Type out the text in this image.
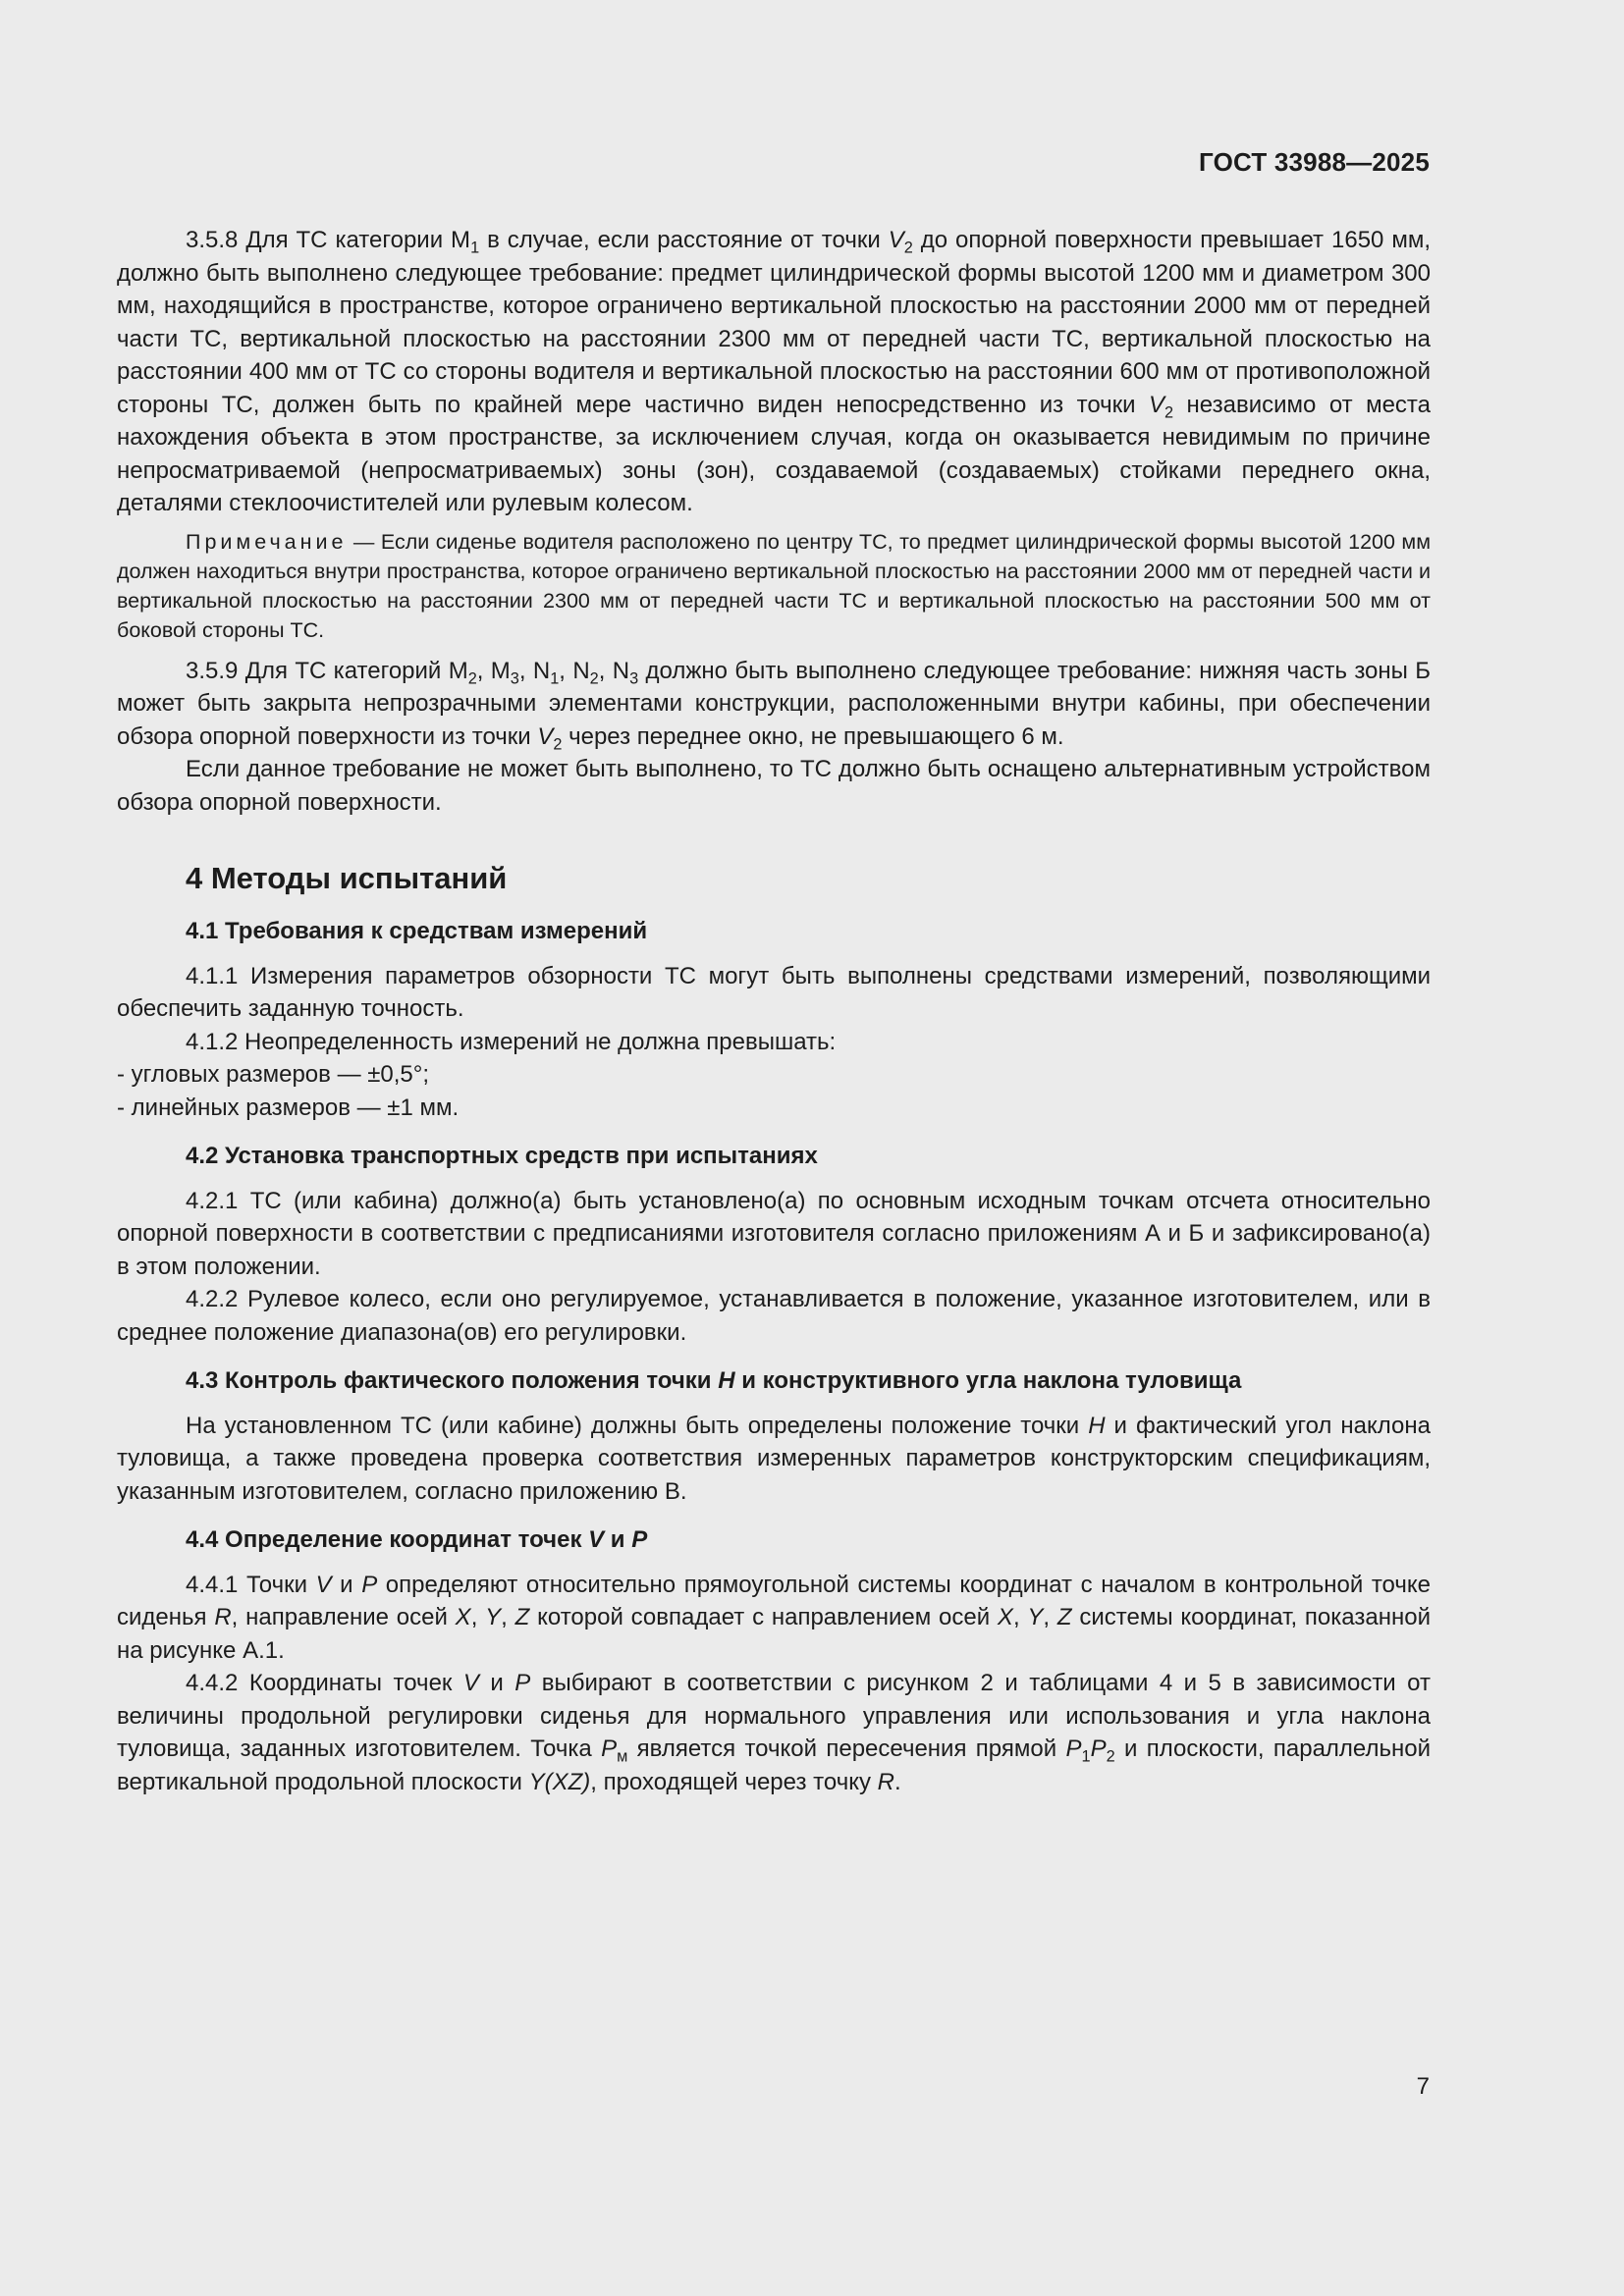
ГОСТ 33988—2025

3.5.8 Для ТС категории $М_1$ в случае, если расстояние от точки $V_2$ до опорной поверхности превышает 1650 мм, должно быть выполнено следующее требование: предмет цилиндрической формы высотой 1200 мм и диаметром 300 мм, находящийся в пространстве, которое ограничено вертикальной плоскостью на расстоянии 2000 мм от передней части ТС, вертикальной плоскостью на расстоянии 2300 мм от передней части ТС, вертикальной плоскостью на расстоянии 400 мм от ТС со стороны водителя и вертикальной плоскостью на расстоянии 600 мм от противоположной стороны ТС, должен быть по крайней мере частично виден непосредственно из точки $V_2$ независимо от места нахождения объекта в этом пространстве, за исключением случая, когда он оказывается невидимым по причине непросматриваемой (непросматриваемых) зоны (зон), создаваемой (создаваемых) стойками переднего окна, деталями стеклоочистителей или рулевым колесом.

Примечание — Если сиденье водителя расположено по центру ТС, то предмет цилиндрической формы высотой 1200 мм должен находиться внутри пространства, которое ограничено вертикальной плоскостью на расстоянии 2000 мм от передней части и вертикальной плоскостью на расстоянии 2300 мм от передней части ТС и вертикальной плоскостью на расстоянии 500 мм от боковой стороны ТС.

3.5.9 Для ТС категорий $М_2$, $М_3$, $N_1$, $N_2$, $N_3$ должно быть выполнено следующее требование: нижняя часть зоны Б может быть закрыта непрозрачными элементами конструкции, расположенными внутри кабины, при обеспечении обзора опорной поверхности из точки $V_2$ через переднее окно, не превышающего 6 м.

Если данное требование не может быть выполнено, то ТС должно быть оснащено альтернативным устройством обзора опорной поверхности.

4 Методы испытаний
4.1 Требования к средствам измерений

4.1.1 Измерения параметров обзорности ТС могут быть выполнены средствами измерений, позволяющими обеспечить заданную точность.

4.1.2 Неопределенность измерений не должна превышать:

- угловых размеров — ±0,5°;
- линейных размеров — ±1 мм.
4.2 Установка транспортных средств при испытаниях

4.2.1 ТС (или кабина) должно(а) быть установлено(а) по основным исходным точкам отсчета относительно опорной поверхности в соответствии с предписаниями изготовителя согласно приложениям А и Б и зафиксировано(а) в этом положении.

4.2.2 Рулевое колесо, если оно регулируемое, устанавливается в положение, указанное изготовителем, или в среднее положение диапазона(ов) его регулировки.

4.3 Контроль фактического положения точки H и конструктивного угла наклона туловища

На установленном ТС (или кабине) должны быть определены положение точки H и фактический угол наклона туловища, а также проведена проверка соответствия измеренных параметров конструкторским спецификациям, указанным изготовителем, согласно приложению В.

4.4 Определение координат точек V и P

4.4.1 Точки V и P определяют относительно прямоугольной системы координат с началом в контрольной точке сиденья R, направление осей X, Y, Z которой совпадает с направлением осей X, Y, Z системы координат, показанной на рисунке А.1.

4.4.2 Координаты точек V и P выбирают в соответствии с рисунком 2 и таблицами 4 и 5 в зависимости от величины продольной регулировки сиденья для нормального управления или использования и угла наклона туловища, заданных изготовителем. Точка $P_м$ является точкой пересечения прямой $P_1P_2$ и плоскости, параллельной вертикальной продольной плоскости Y(XZ), проходящей через точку R.

7
